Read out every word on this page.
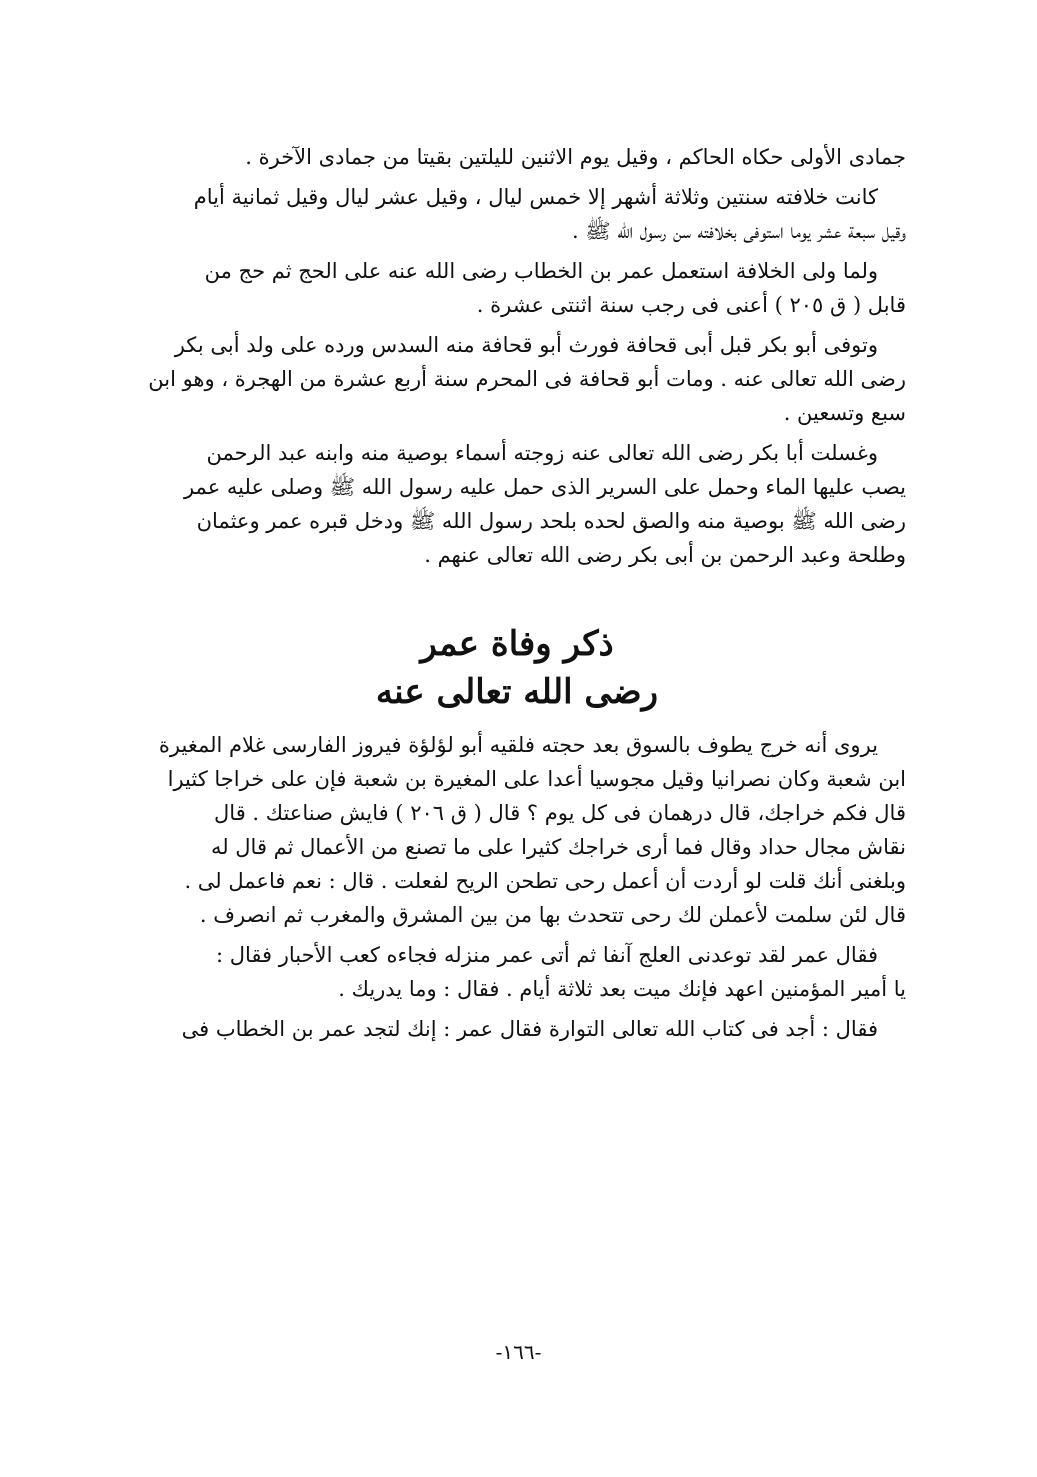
جمادى الأولى حكاه الحاكم ، وقيل يوم الاثنين لليلتين بقيتا من جمادى الآخرة .
كانت خلافته سنتين وثلاثة أشهر إلا خمس ليال ، وقيل عشر ليال وقيل ثمانية أيام
وقيل سبعة عشر يوما استوفى بخلافته سن رسول الله ﷺ .
ولما ولى الخلافة استعمل عمر بن الخطاب رضى الله عنه على الحج ثم حج من
قابل ( ق ٢٠٥ ) أعنى فى رجب سنة اثنتى عشرة .
وتوفى أبو بكر قبل أبى قحافة فورث أبو قحافة منه السدس ورده على ولد أبى بكر
رضى الله تعالى عنه . ومات أبو قحافة فى المحرم سنة أربع عشرة من الهجرة ، وهو ابن
سبع وتسعين .
وغسلت أبا بكر رضى الله تعالى عنه زوجته أسماء بوصية منه وابنه عبد الرحمن
يصب عليها الماء وحمل على السرير الذى حمل عليه رسول الله ﷺ وصلى عليه عمر
رضى الله ﷺ بوصية منه والصق لحده بلحد رسول الله ﷺ ودخل قبره عمر وعثمان
وطلحة وعبد الرحمن بن أبى بكر رضى الله تعالى عنهم .
ذكر وفاة عمر
رضى الله تعالى عنه
يروى أنه خرج يطوف بالسوق بعد حجته فلقيه أبو لؤلؤة فيروز الفارسى غلام المغيرة
ابن شعبة وكان نصرانيا وقيل مجوسيا أعدا على المغيرة بن شعبة فإن على خراجا كثيرا
قال فكم خراجك، قال درهمان فى كل يوم ؟ قال ( ق ٢٠٦ ) فايش صناعتك . قال
نقاش مجال حداد وقال فما أرى خراجك كثيرا على ما تصنع من الأعمال ثم قال له
وبلغنى أنك قلت لو أردت أن أعمل رحى تطحن الريح لفعلت . قال : نعم فاعمل لى .
قال لئن سلمت لأعملن لك رحى تتحدث بها من بين المشرق والمغرب ثم انصرف .
فقال عمر لقد توعدنى العلج آنفا ثم أتى عمر منزله فجاءه كعب الأحبار فقال :
يا أمير المؤمنين اعهد فإنك ميت بعد ثلاثة أيام . فقال : وما يدريك .
فقال : أجد فى كتاب الله تعالى التوارة فقال عمر : إنك لتجد عمر بن الخطاب فى
-١٦٦-
